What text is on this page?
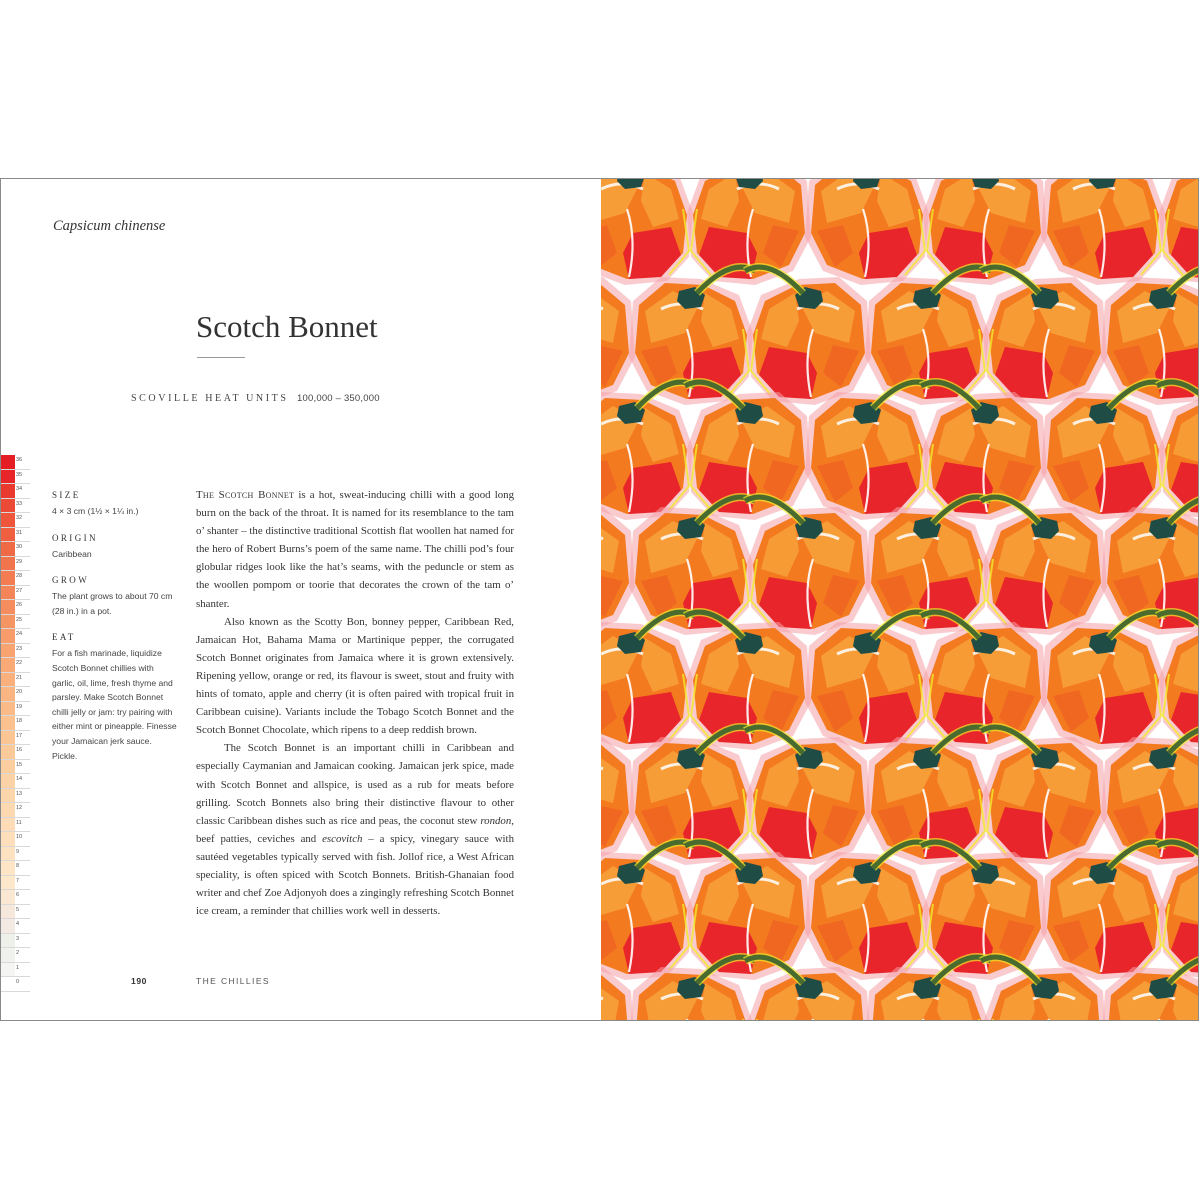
Capsicum chinense
Scotch Bonnet
SCOVILLE HEAT UNITS 100,000 – 350,000
36
35
34
33
32
31
30
29
28
27
26
25
24
23
22
21
20
19
18
17
16
15
14
13
12
11
10
9
8
7
6
5
4
3
2
1
0
SIZE
4 × 3 cm (1½ × 1¼ in.)
ORIGIN
Caribbean
GROW
The plant grows to about 70 cm (28 in.) in a pot.
EAT
For a fish marinade, liquidize Scotch Bonnet chillies with garlic, oil, lime, fresh thyme and parsley. Make Scotch Bonnet chilli jelly or jam: try pairing with either mint or pineapple. Finesse your Jamaican jerk sauce. Pickle.

The Scotch Bonnet is a hot, sweat-inducing chilli with a good long burn on the back of the throat. It is named for its resemblance to the tam o’ shanter – the distinctive traditional Scottish flat woollen hat named for the hero of Robert Burns’s poem of the same name. The chilli pod’s four globular ridges look like the hat’s seams, with the peduncle or stem as the woollen pompom or toorie that decorates the crown of the tam o’ shanter.

Also known as the Scotty Bon, bonney pepper, Caribbean Red, Jamaican Hot, Bahama Mama or Martinique pepper, the corrugated Scotch Bonnet originates from Jamaica where it is grown extensively. Ripening yellow, orange or red, its flavour is sweet, stout and fruity with hints of tomato, apple and cherry (it is often paired with tropical fruit in Caribbean cuisine). Variants include the Tobago Scotch Bonnet and the Scotch Bonnet Chocolate, which ripens to a deep reddish brown.

The Scotch Bonnet is an important chilli in Caribbean and especially Caymanian and Jamaican cooking. Jamaican jerk spice, made with Scotch Bonnet and allspice, is used as a rub for meats before grilling. Scotch Bonnets also bring their distinctive flavour to other classic Caribbean dishes such as rice and peas, the coconut stew rondon, beef patties, ceviches and escovitch – a spicy, vinegary sauce with sautéed vegetables typically served with fish. Jollof rice, a West African speciality, is often spiced with Scotch Bonnets. British-Ghanaian food writer and chef Zoe Adjonyoh does a zingingly refreshing Scotch Bonnet ice cream, a reminder that chillies work well in desserts.

190	THE CHILLIES
